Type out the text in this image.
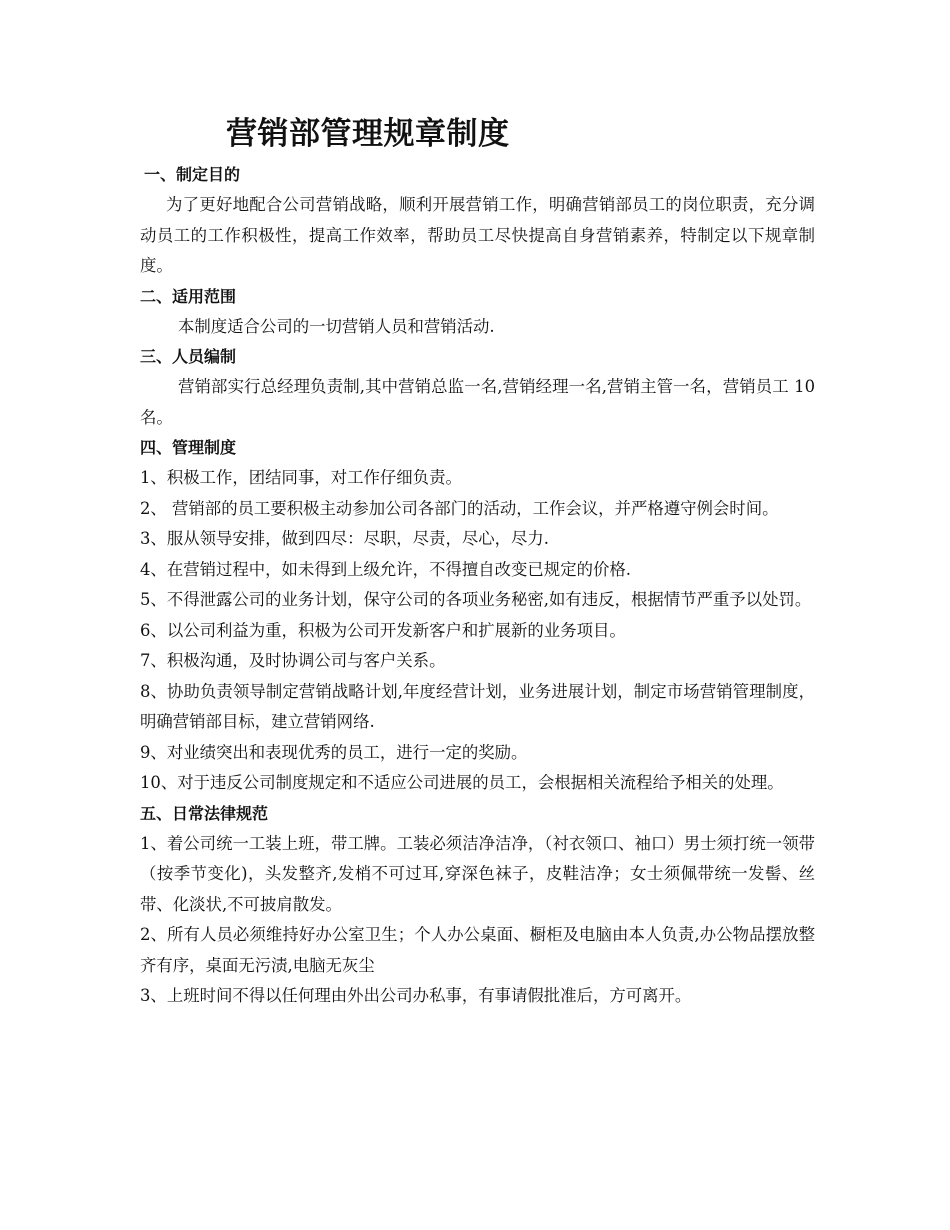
营销部管理规章制度
一、制定目的

为了更好地配合公司营销战略，顺利开展营销工作，明确营销部员工的岗位职责，充分调动员工的工作积极性，提高工作效率，帮助员工尽快提高自身营销素养，特制定以下规章制度。

二、适用范围

本制度适合公司的一切营销人员和营销活动.

三、人员编制

营销部实行总经理负责制,其中营销总监一名,营销经理一名,营销主管一名，营销员工 10 名。

四、管理制度

1、积极工作，团结同事，对工作仔细负责。

2、 营销部的员工要积极主动参加公司各部门的活动，工作会议，并严格遵守例会时间。

3、服从领导安排，做到四尽：尽职，尽责，尽心，尽力.

4、在营销过程中，如未得到上级允许，不得擅自改变已规定的价格.

5、不得泄露公司的业务计划，保守公司的各项业务秘密,如有违反，根据情节严重予以处罚。

6、以公司利益为重，积极为公司开发新客户和扩展新的业务项目。

7、积极沟通，及时协调公司与客户关系。

8、协助负责领导制定营销战略计划,年度经营计划，业务进展计划，制定市场营销管理制度，明确营销部目标，建立营销网络.

9、对业绩突出和表现优秀的员工，进行一定的奖励。

10、对于违反公司制度规定和不适应公司进展的员工，会根据相关流程给予相关的处理。

五、日常法律规范

1、着公司统一工装上班，带工牌。工装必须洁净洁净，（衬衣领口、袖口）男士须打统一领带（按季节变化)，头发整齐,发梢不可过耳,穿深色袜子，皮鞋洁净；女士须佩带统一发髻、丝带、化淡状,不可披肩散发。

2、所有人员必须维持好办公室卫生；个人办公桌面、橱柜及电脑由本人负责,办公物品摆放整齐有序，桌面无污渍,电脑无灰尘

3、上班时间不得以任何理由外出公司办私事，有事请假批准后，方可离开。
